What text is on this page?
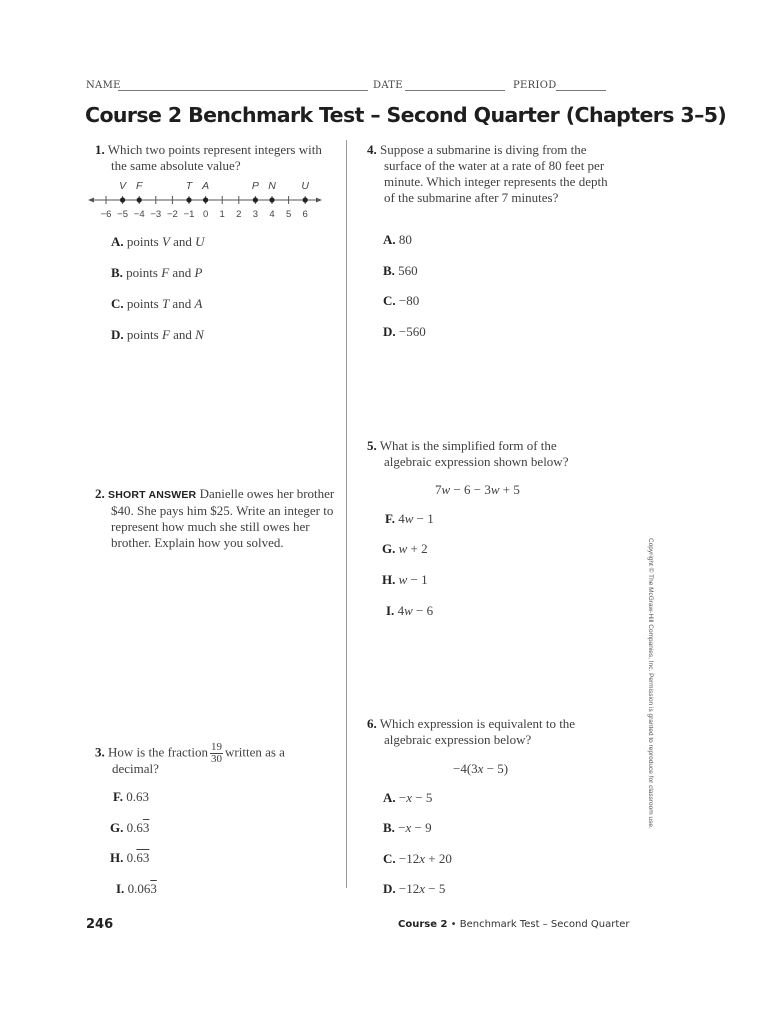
NAME	DATE	PERIOD
Course 2 Benchmark Test – Second Quarter (Chapters 3–5)
1. Which two points represent integers with the same absolute value?
V F	T A	P N U
−6 −5 −4 −3 −2 −1 0 1 2 3 4 5 6
A. points V and U
B. points F and P
C. points T and A
D. points F and N
2. SHORT ANSWER Danielle owes her brother $40. She pays him $25. Write an integer to represent how much she still owes her brother. Explain how you solved.
3. How is the fraction $\frac{19}{30}$ written as a
decimal?
F. 0.63
G. 0.63
H. 0.63
I. 0.063
4. Suppose a submarine is diving from the surface of the water at a rate of 80 feet per minute. Which integer represents the depth of the submarine after 7 minutes?
A. 80
B. 560
C. −80
D. −560
5. What is the simplified form of the algebraic expression shown below?
7w − 6 − 3w + 5
F. 4w − 1
G. w + 2
H. w − 1
I. 4w − 6
6. Which expression is equivalent to the algebraic expression below?
−4(3x − 5)
A. −x − 5
B. −x − 9
C. −12x + 20
D. −12x − 5
Copyright © The McGraw-Hill Companies, Inc. Permission is granted to reproduce for classroom use.
246	Course 2 • Benchmark Test – Second Quarter
